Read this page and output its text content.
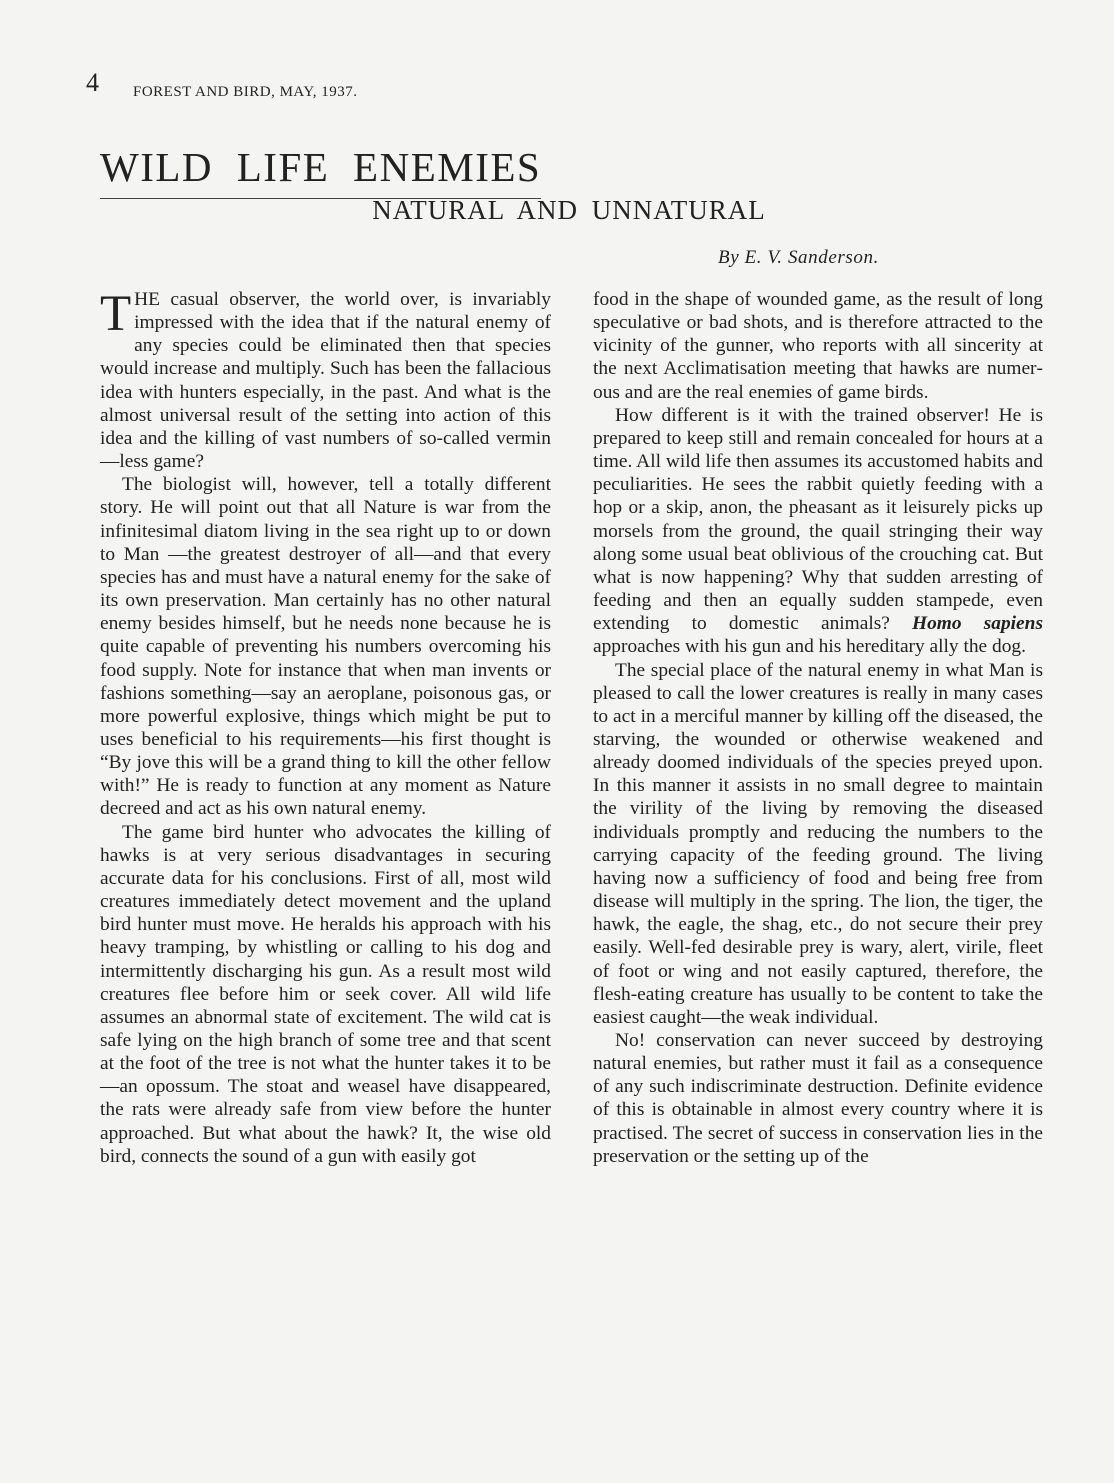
4 FOREST AND BIRD, MAY, 1937.
WILD LIFE ENEMIES
NATURAL AND UNNATURAL
By E. V. Sanderson.

THE casual observer, the world over, is invariably impressed with the idea that if the natural enemy of any species could be eliminated then that species would increase and multiply. Such has been the fallacious idea with hunters especially, in the past. And what is the almost universal result of the setting into action of this idea and the killing of vast numbers of so-called vermin—less game?

The biologist will, however, tell a totally different story. He will point out that all Nature is war from the infinitesimal diatom living in the sea right up to or down to Man —the greatest destroyer of all—and that every species has and must have a natural enemy for the sake of its own preservation. Man certainly has no other natural enemy besides himself, but he needs none because he is quite capable of preventing his numbers overcoming his food supply. Note for instance that when man invents or fashions something—say an aeroplane, poisonous gas, or more powerful explosive, things which might be put to uses beneficial to his requirements—his first thought is “By jove this will be a grand thing to kill the other fellow with!” He is ready to function at any moment as Nature decreed and act as his own natural enemy.

The game bird hunter who advocates the killing of hawks is at very serious disadvantages in securing accurate data for his conclusions. First of all, most wild creatures immediately detect movement and the upland bird hunter must move. He heralds his approach with his heavy tramping, by whistling or calling to his dog and intermittently discharging his gun. As a result most wild creatures flee before him or seek cover. All wild life assumes an abnormal state of excitement. The wild cat is safe lying on the high branch of some tree and that scent at the foot of the tree is not what the hunter takes it to be—an opossum. The stoat and weasel have disappeared, the rats were already safe from view before the hunter approached. But what about the hawk? It, the wise old bird, connects the sound of a gun with easily got

food in the shape of wounded game, as the result of long speculative or bad shots, and is therefore attracted to the vicinity of the gunner, who reports with all sincerity at the next Acclimatisation meeting that hawks are numerous and are the real enemies of game birds.

How different is it with the trained observer! He is prepared to keep still and remain concealed for hours at a time. All wild life then assumes its accustomed habits and peculiarities. He sees the rabbit quietly feeding with a hop or a skip, anon, the pheasant as it leisurely picks up morsels from the ground, the quail stringing their way along some usual beat oblivious of the crouching cat. But what is now happening? Why that sudden arresting of feeding and then an equally sudden stampede, even extending to domestic animals? Homo sapiens approaches with his gun and his hereditary ally the dog.

The special place of the natural enemy in what Man is pleased to call the lower creatures is really in many cases to act in a merciful manner by killing off the diseased, the starving, the wounded or otherwise weakened and already doomed individuals of the species preyed upon. In this manner it assists in no small degree to maintain the virility of the living by removing the diseased individuals promptly and reducing the numbers to the carrying capacity of the feeding ground. The living having now a sufficiency of food and being free from disease will multiply in the spring. The lion, the tiger, the hawk, the eagle, the shag, etc., do not secure their prey easily. Well-fed desirable prey is wary, alert, virile, fleet of foot or wing and not easily captured, therefore, the flesh-eating creature has usually to be content to take the easiest caught—the weak individual.

No! conservation can never succeed by destroying natural enemies, but rather must it fail as a consequence of any such indiscriminate destruction. Definite evidence of this is obtainable in almost every country where it is practised. The secret of success in conservation lies in the preservation or the setting up of the
